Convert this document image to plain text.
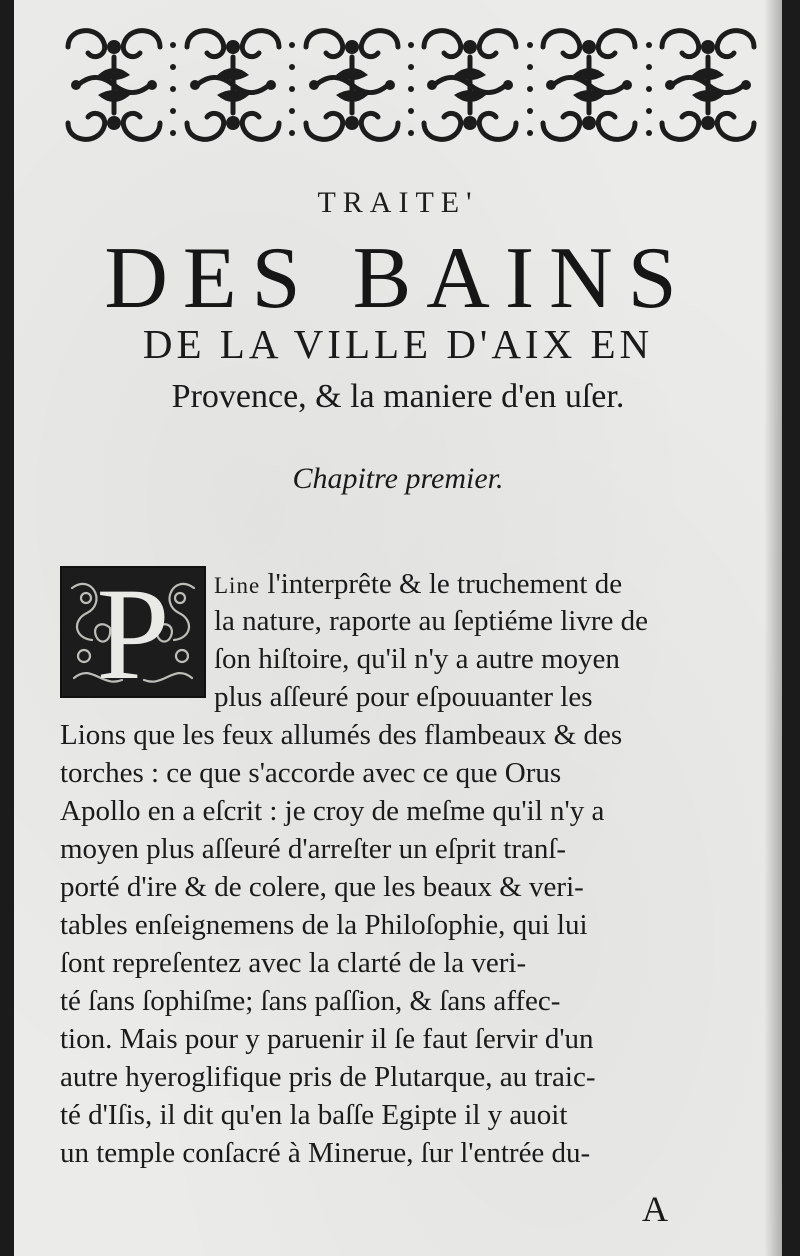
TRAITE'
DES BAINS
DE LA VILLE D'AIX EN
Provence, & la maniere d'en uſer.
Chapitre premier.
P	Line l'interprête & le truchement de
la nature, raporte au ſeptiéme livre de
ſon hiſtoire, qu'il n'y a autre moyen
plus aſſeuré pour eſpouuanter les
Lions que les feux allumés des flambeaux & des
torches : ce que s'accorde avec ce que Orus
Apollo en a eſcrit : je croy de meſme qu'il n'y a
moyen plus aſſeuré d'arreſter un eſprit tranſ-
porté d'ire & de colere, que les beaux & veri-
tables enſeignemens de la Philoſophie, qui lui
ſont repreſentez avec la clarté de la veri-
té ſans ſophiſme; ſans paſſion, & ſans affec-
tion. Mais pour y paruenir il ſe faut ſervir d'un
autre hyeroglifique pris de Plutarque, au traic-
té d'Iſis, il dit qu'en la baſſe Egipte il y auoit
un temple conſacré à Minerue, ſur l'entrée du-
A
